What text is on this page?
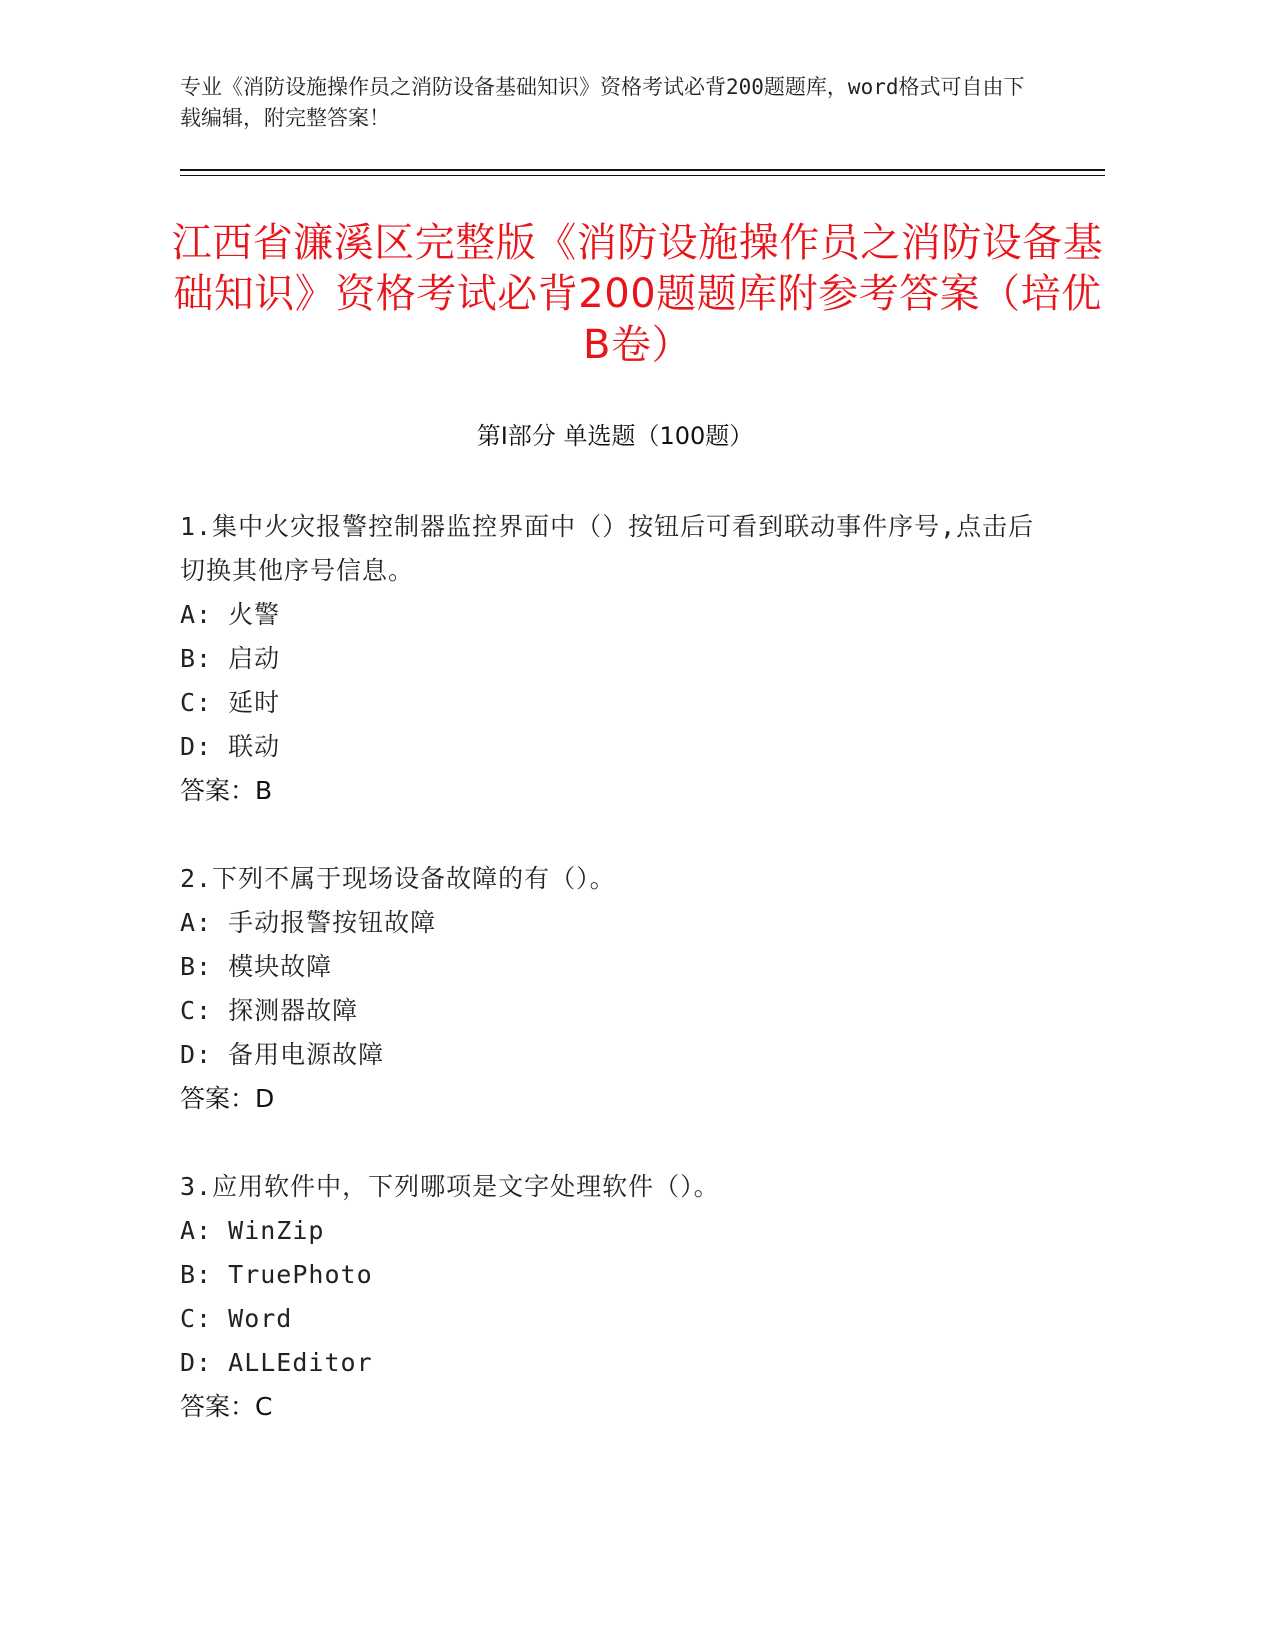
专业《消防设施操作员之消防设备基础知识》资格考试必背200题题库，word格式可自由下载编辑，附完整答案！
江西省濂溪区完整版《消防设施操作员之消防设备基础知识》资格考试必背200题题库附参考答案（培优B卷）
第Ⅰ部分 单选题（100题）
1.集中火灾报警控制器监控界面中（）按钮后可看到联动事件序号,点击后切换其他序号信息。
A: 火警
B: 启动
C: 延时
D: 联动
答案：B
2.下列不属于现场设备故障的有（）。
A: 手动报警按钮故障
B: 模块故障
C: 探测器故障
D: 备用电源故障
答案：D
3.应用软件中，下列哪项是文字处理软件（）。
A: WinZip
B: TruePhoto
C: Word
D: ALLEditor
答案：C
